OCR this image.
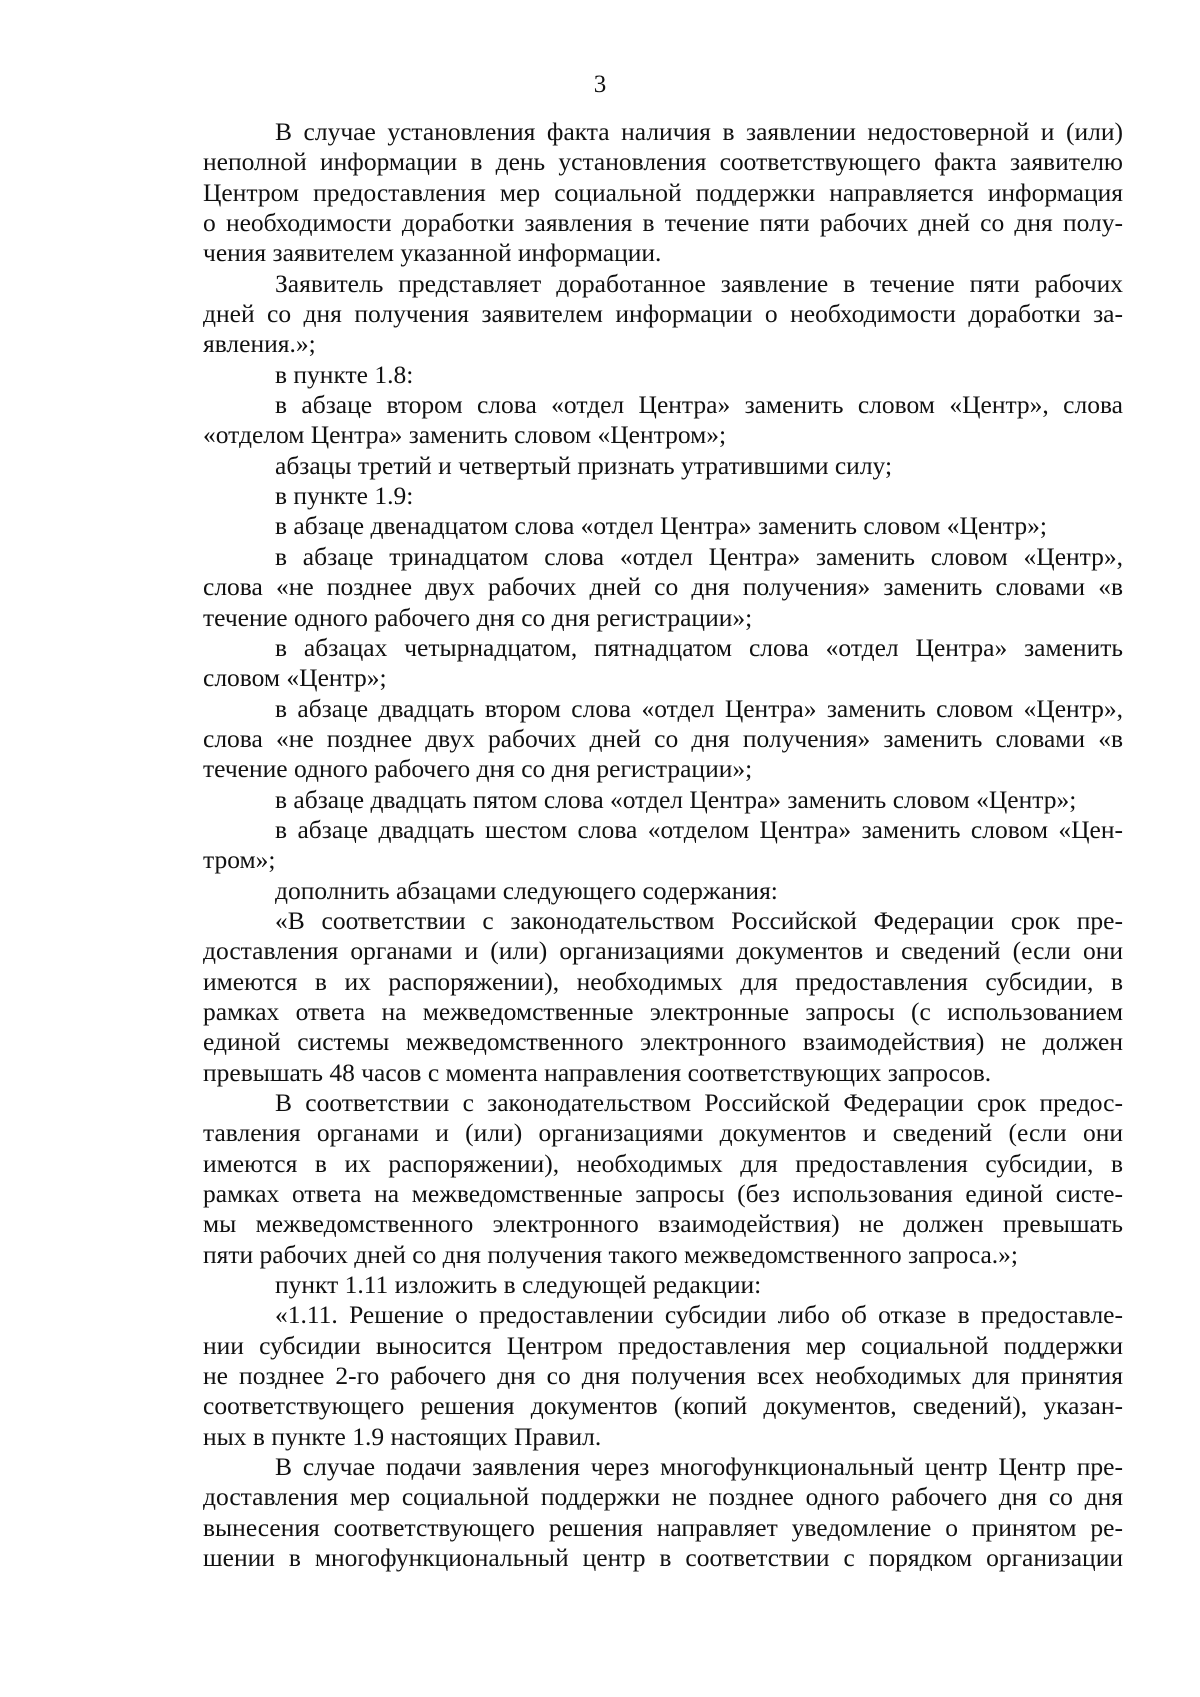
3
В случае установления факта наличия в заявлении недостоверной и (или)
неполной информации в день установления соответствующего факта заявителю
Центром предоставления мер социальной поддержки направляется информация
о необходимости доработки заявления в течение пяти рабочих дней со дня полу-
чения заявителем указанной информации.
Заявитель представляет доработанное заявление в течение пяти рабочих
дней со дня получения заявителем информации о необходимости доработки за-
явления.»;
в пункте 1.8:
в абзаце втором слова «отдел Центра» заменить словом «Центр», слова
«отделом Центра» заменить словом «Центром»;
абзацы третий и четвертый признать утратившими силу;
в пункте 1.9:
в абзаце двенадцатом слова «отдел Центра» заменить словом «Центр»;
в абзаце тринадцатом слова «отдел Центра» заменить словом «Центр»,
слова «не позднее двух рабочих дней со дня получения» заменить словами «в
течение одного рабочего дня со дня регистрации»;
в абзацах четырнадцатом, пятнадцатом слова «отдел Центра» заменить
словом «Центр»;
в абзаце двадцать втором слова «отдел Центра» заменить словом «Центр»,
слова «не позднее двух рабочих дней со дня получения» заменить словами «в
течение одного рабочего дня со дня регистрации»;
в абзаце двадцать пятом слова «отдел Центра» заменить словом «Центр»;
в абзаце двадцать шестом слова «отделом Центра» заменить словом «Цен-
тром»;
дополнить абзацами следующего содержания:
«В соответствии с законодательством Российской Федерации срок пре-
доставления органами и (или) организациями документов и сведений (если они
имеются в их распоряжении), необходимых для предоставления субсидии, в
рамках ответа на межведомственные электронные запросы (с использованием
единой системы межведомственного электронного взаимодействия) не должен
превышать 48 часов с момента направления соответствующих запросов.
В соответствии с законодательством Российской Федерации срок предос-
тавления органами и (или) организациями документов и сведений (если они
имеются в их распоряжении), необходимых для предоставления субсидии, в
рамках ответа на межведомственные запросы (без использования единой систе-
мы межведомственного электронного взаимодействия) не должен превышать
пяти рабочих дней со дня получения такого межведомственного запроса.»;
пункт 1.11 изложить в следующей редакции:
«1.11. Решение о предоставлении субсидии либо об отказе в предоставле-
нии субсидии выносится Центром предоставления мер социальной поддержки
не позднее 2-го рабочего дня со дня получения всех необходимых для принятия
соответствующего решения документов (копий документов, сведений), указан-
ных в пункте 1.9 настоящих Правил.
В случае подачи заявления через многофункциональный центр Центр пре-
доставления мер социальной поддержки не позднее одного рабочего дня со дня
вынесения соответствующего решения направляет уведомление о принятом ре-
шении в многофункциональный центр в соответствии с порядком организации
